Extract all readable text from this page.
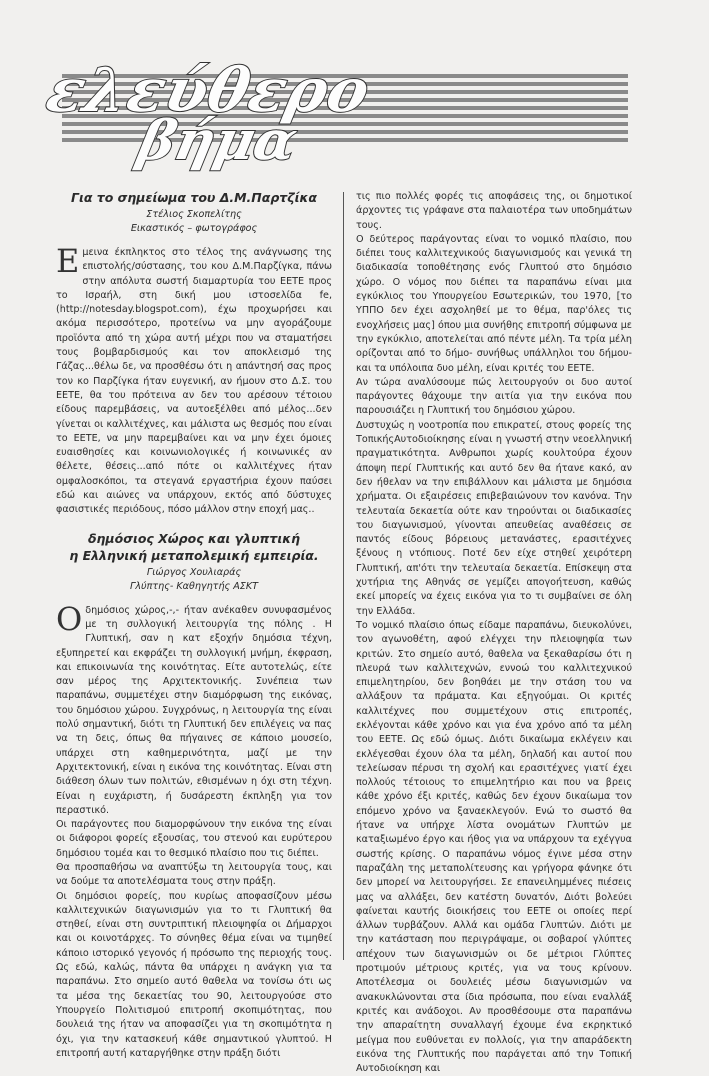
ελεύθερο
βήμα
Για το σημείωμα του Δ.Μ.Παρτζίκα
Στέλιος Σκοπελίτης
Εικαστικός – φωτογράφος

Εμεινα έκπληκτος στο τέλος της ανάγνωσης της επιστολής/σύστασης, του κου Δ.Μ.Παρζίγκα, πάνω στην απόλυτα σωστή διαμαρτυρία του ΕΕΤΕ προς το Ισραήλ, στη δική μου ιστοσελίδα fe, (http://notesday.blogspot.com), έχω προχωρήσει και ακόμα περισσότερο, προτείνω να μην αγοράζουμε προϊόντα από τη χώρα αυτή μέχρι που να σταματήσει τους βομβαρδισμούς και τον αποκλεισμό της Γάζας...θέλω δε, να προσθέσω ότι η απάντησή σας προς τον κο Παρζίγκα ήταν ευγενική, αν ήμουν στο Δ.Σ. του ΕΕΤΕ, θα του πρότεινα αν δεν του αρέσουν τέτοιου είδους παρεμβάσεις, να αυτοεξέλθει από μέλος...δεν γίνεται οι καλλιτέχνες, και μάλιστα ως θεσμός που είναι το ΕΕΤΕ, να μην παρεμβαίνει και να μην έχει όμοιες ευαισθησίες και κοινωνιολογικές ή κοινωνικές αν θέλετε, θέσεις...από πότε οι καλλιτέχνες ήταν ομφαλοσκόποι, τα στεγανά εργαστήρια έχουν παύσει εδώ και αιώνες να υπάρχουν, εκτός από δύστυχες φασιστικές περιόδους, πόσο μάλλον στην εποχή μας..

δημόσιος Χώρος και γλυπτική
η Ελληνική μεταπολεμική εμπειρία.
Γιώργος Χουλιαράς
Γλύπτης- Καθηγητής ΑΣΚΤ

Οδημόσιος χώρος,-,- ήταν ανέκαθεν συνυφασμένος με τη συλλογική λειτουργία της πόλης . Η Γλυπτική, σαν η κατ εξοχήν δημόσια τέχνη, εξυπηρετεί και εκφράζει τη συλλογική μνήμη, έκφραση, και επικοινωνία της κοινότητας. Είτε αυτοτελώς, είτε σαν μέρος της Αρχιτεκτονικής. Συνέπεια των παραπάνω, συμμετέχει στην διαμόρφωση της εικόνας, του δημόσιου χώρου. Συγχρόνως, η λειτουργία της είναι πολύ σημαντική, διότι τη Γλυπτική δεν επιλέγεις να πας να τη δεις, όπως θα πήγαινες σε κάποιο μουσείο, υπάρχει στη καθημερινότητα, μαζί με την Αρχιτεκτονική, είναι η εικόνα της κοινότητας. Είναι στη διάθεση όλων των πολιτών, εθισμένων η όχι στη τέχνη. Είναι η ευχάριστη, ή δυσάρεστη έκπληξη για τον περαστικό.

Οι παράγοντες που διαμορφώνουν την εικόνα της είναι οι διάφοροι φορείς εξουσίας, του στενού και ευρύτερου δημόσιου τομέα και το θεσμικό πλαίσιο που τις διέπει.

Θα προσπαθήσω να αναπτύξω τη λειτουργία τους, και να δούμε τα αποτελέσματα τους στην πράξη.

Οι δημόσιοι φορείς, που κυρίως αποφασίζουν μέσω καλλιτεχνικών διαγωνισμών για το τι Γλυπτική θα στηθεί, είναι στη συντριπτική πλειοψηφία οι Δήμαρχοι και οι κοινοτάρχες. Το σύνηθες θέμα είναι να τιμηθεί κάποιο ιστορικό γεγονός ή πρόσωπο της περιοχής τους. Ως εδώ, καλώς, πάντα θα υπάρχει η ανάγκη για τα παραπάνω. Στο σημείο αυτό θαθελα να τονίσω ότι ως τα μέσα της δεκαετίας του 90, λειτουργούσε στο Υπουργείο Πολιτισμού επιτροπή σκοπιμότητας, που δουλειά της ήταν να αποφασίζει για τη σκοπιμότητα η όχι, για την κατασκευή κάθε σημαντικού γλυπτού. Η επιτροπή αυτή καταργήθηκε στην πράξη διότι

τις πιο πολλές φορές τις αποφάσεις της, οι δημοτικοί άρχοντες τις γράφανε στα παλαιοτέρα των υποδημάτων τους.

Ο δεύτερος παράγοντας είναι το νομικό πλαίσιο, που διέπει τους καλλιτεχνικούς διαγωνισμούς και γενικά τη διαδικασία τοποθέτησης ενός Γλυπτού στο δημόσιο χώρο. Ο νόμος που διέπει τα παραπάνω είναι μια εγκύκλιος του Υπουργείου Εσωτερικών, του 1970, [το ΥΠΠΟ δεν έχει ασχοληθεί με το θέμα, παρ'όλες τις ενοχλήσεις μας] όπου μια συνήθης επιτροπή σύμφωνα με την εγκύκλιο, αποτελείται από πέντε μέλη. Τα τρία μέλη ορίζονται από το δήμο- συνήθως υπάλληλοι του δήμου- και τα υπόλοιπα δυο μέλη, είναι κριτές του ΕΕΤΕ.

Αν τώρα αναλύσουμε πώς λειτουργούν οι δυο αυτοί παράγοντες θάχουμε την αιτία για την εικόνα που παρουσιάζει η Γλυπτική του δημόσιου χώρου.

Δυστυχώς η νοοτροπία που επικρατεί, στους φορείς της ΤοπικήςΑυτοδιοίκησης είναι η γνωστή στην νεοελληνική πραγματικότητα. Ανθρωποι χωρίς κουλτούρα έχουν άποψη περί Γλυπτικής και αυτό δεν θα ήτανε κακό, αν δεν ήθελαν να την επιβάλλουν και μάλιστα με δημόσια χρήματα. Οι εξαιρέσεις επιβεβαιώνουν τον κανόνα. Την τελευταία δεκαετία ούτε καν τηρούνται οι διαδικασίες του διαγωνισμού, γίνονται απευθείας αναθέσεις σε παντός είδους βόρειους μετανάστες, ερασιτέχνες ξένους η ντόπιους. Ποτέ δεν είχε στηθεί χειρότερη Γλυπτική, απ'ότι την τελευταία δεκαετία. Επίσκεψη στα χυτήρια της Αθηνάς σε γεμίζει απογοήτευση, καθώς εκεί μπορείς να έχεις εικόνα για το τι συμβαίνει σε όλη την Ελλάδα.

Το νομικό πλαίσιο όπως είδαμε παραπάνω, διευκολύνει, τον αγωνοθέτη, αφού ελέγχει την πλειοψηφία των κριτών. Στο σημείο αυτό, θαθελα να ξεκαθαρίσω ότι η πλευρά των καλλιτεχνών, εννοώ του καλλιτεχνικού επιμελητηρίου, δεν βοηθάει με την στάση του να αλλάξουν τα πράματα. Και εξηγούμαι. Οι κριτές καλλιτέχνες που συμμετέχουν στις επιτροπές, εκλέγονται κάθε χρόνο και για ένα χρόνο από τα μέλη του ΕΕΤΕ. Ως εδώ όμως. Διότι δικαίωμα εκλέγειν και εκλέγεσθαι έχουν όλα τα μέλη, δηλαδή και αυτοί που τελείωσαν πέρυσι τη σχολή και ερασιτέχνες γιατί έχει πολλούς τέτοιους το επιμελητήριο και που να βρεις κάθε χρόνο έξι κριτές, καθώς δεν έχουν δικαίωμα τον επόμενο χρόνο να ξαναεκλεγούν. Ενώ το σωστό θα ήτανε να υπήρχε λίστα ονομάτων Γλυπτών με καταξιωμένο έργο και ήθος για να υπάρχουν τα εχέγγυα σωστής κρίσης. Ο παραπάνω νόμος έγινε μέσα στην παραζάλη της μεταπολίτευσης και γρήγορα φάνηκε ότι δεν μπορεί να λειτουργήσει. Σε επανειλημμένες πιέσεις μας να αλλάξει, δεν κατέστη δυνατόν, Διότι βολεύει φαίνεται καυτής διοικήσεις του ΕΕΤΕ οι οποίες περί άλλων τυρβάζουν. Αλλά και ομάδα Γλυπτών. Διότι με την κατάσταση που περιγράψαμε, οι σοβαροί γλύπτες απέχουν των διαγωνισμών οι δε μέτριοι Γλύπτες προτιμούν μέτριους κριτές, για να τους κρίνουν. Αποτέλεσμα οι δουλειές μέσω διαγωνισμών να ανακυκλώνονται στα ίδια πρόσωπα, που είναι εναλλάξ κριτές και ανάδοχοι. Αν προσθέσουμε στα παραπάνω την απαραίτητη συναλλαγή έχουμε ένα εκρηκτικό μείγμα που ευθύνεται εν πολλοίς, για την απαράδεκτη εικόνα της Γλυπτικής που παράγεται από την Τοπική Αυτοδιοίκηση και
